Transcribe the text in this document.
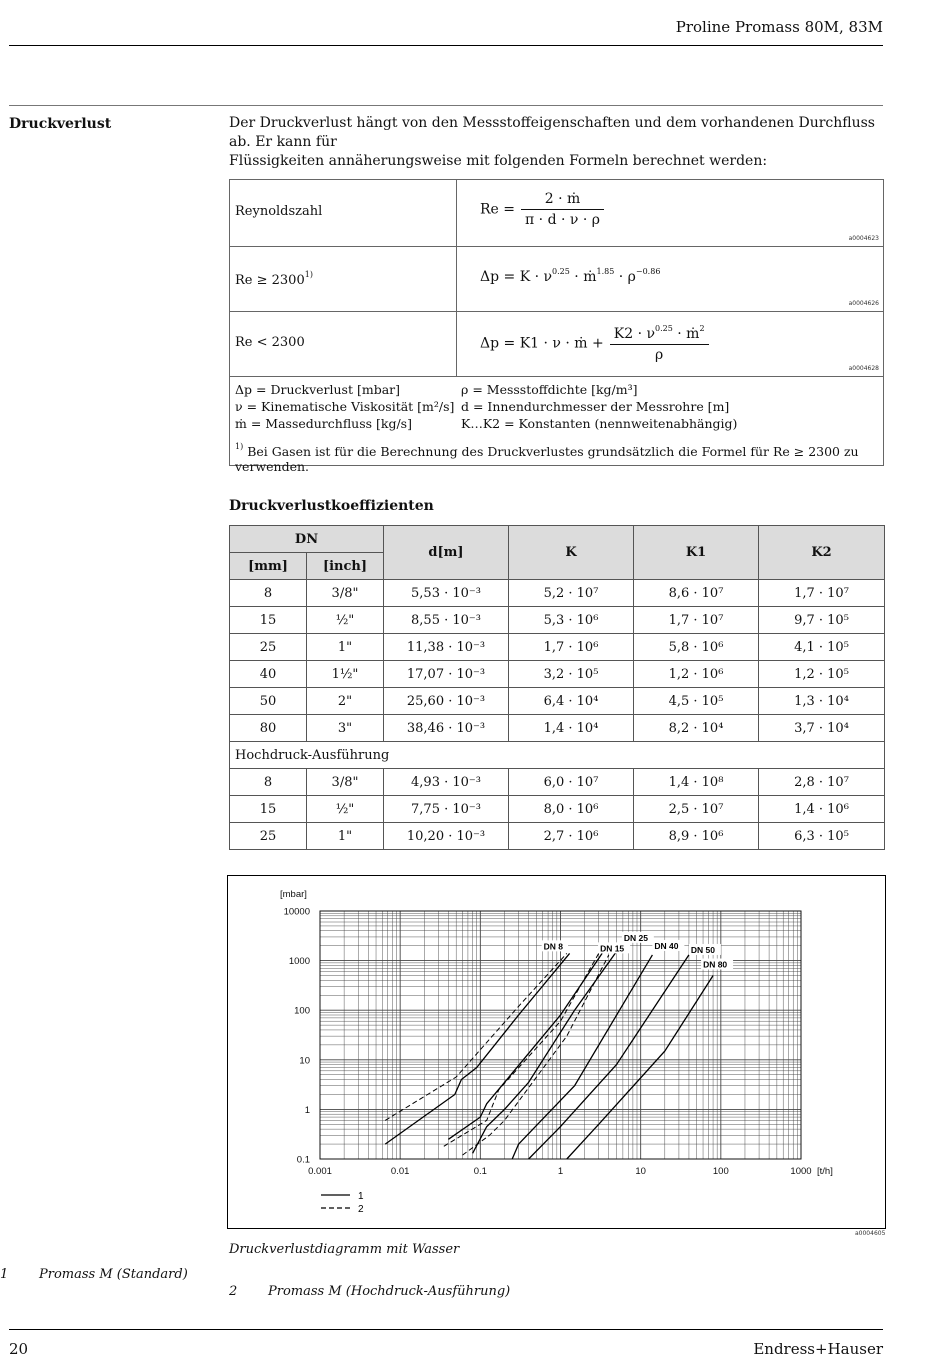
Proline Promass 80M, 83M
Druckverlust	Der Druckverlust hängt von den Messstoffeigenschaften und dem vorhandenen Durchfluss ab. Er kann für
Flüssigkeiten annäherungsweise mit folgenden Formeln berechnet werden:
Reynoldszahl	$Re = \frac{\text{2 · ṁ}}{\pi \cdot d \cdot \nu \cdot \rho}$
a0004623
$Re \ge 2300^{1)}$	$\Delta p = K \cdot \nu^{0.25}$ · ṁ$^{1.85}$ · $\rho^{-0.86}$
a0004626
Re < 2300	Δp = K1 · ν · ṁ + $\frac{K2 \cdot \nu^{0.25} \cdot ṁ^2}{\rho}$
a0004628
Δp = Druckverlust [mbar]
ν = Kinematische Viskosität [m²/s]
ṁ = Massedurchfluss [kg/s]
ρ = Messstoffdichte [kg/m³]
d = Innendurchmesser der Messrohre [m]
K…K2 = Konstanten (nennweitenabhängig)
$^{1)}$ Bei Gasen ist für die Berechnung des Druckverlustes grundsätzlich die Formel für Re ≥ 2300 zu verwenden.
Druckverlustkoeffizienten
DN		d[m]	K	K1	K2
[mm]	[inch]				
8	3/8"	5,53 · 10⁻³	5,2 · 10⁷	8,6 · 10⁷	1,7 · 10⁷
15	½"	8,55 · 10⁻³	5,3 · 10⁶	1,7 · 10⁷	9,7 · 10⁵
25	1"	11,38 · 10⁻³	1,7 · 10⁶	5,8 · 10⁶	4,1 · 10⁵
40	1½"	17,07 · 10⁻³	3,2 · 10⁵	1,2 · 10⁶	1,2 · 10⁵
50	2"	25,60 · 10⁻³	6,4 · 10⁴	4,5 · 10⁵	1,3 · 10⁴
80	3"	38,46 · 10⁻³	1,4 · 10⁴	8,2 · 10⁴	3,7 · 10⁴
Hochdruck-Ausführung					
8	3/8"	4,93 · 10⁻³	6,0 · 10⁷	1,4 · 10⁸	2,8 · 10⁷
15	½"	7,75 · 10⁻³	8,0 · 10⁶	2,5 · 10⁷	1,4 · 10⁶
25	1"	10,20 · 10⁻³	2,7 · 10⁶	8,9 · 10⁶	6,3 · 10⁵
0.001	0.01	0.1	1	10	100	1000
0.1
1
10
100
1000
10000
[mbar]
[t/h]
DN 8	DN 15
DN 25
DN 40 DN 50
DN 80
1
2
a0004605
Druckverlustdiagramm mit Wasser
1 Promass M (Standard)
2 Promass M (Hochdruck-Ausführung)
20	Endress+Hauser
